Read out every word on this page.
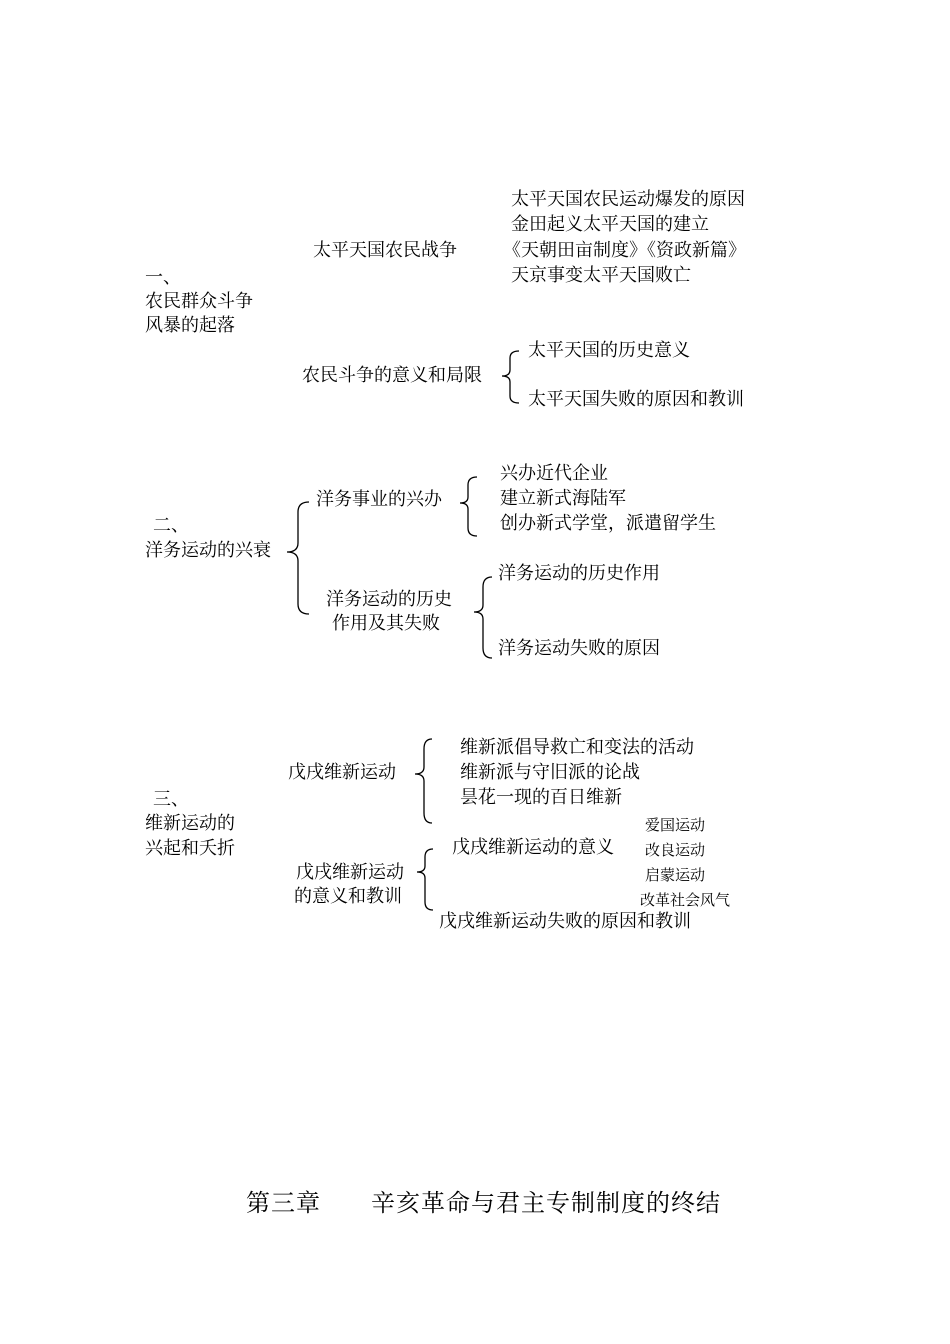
一、
农民群众斗争
风暴的起落
太平天国农民战争
太平天国农民运动爆发的原因
金田起义太平天国的建立
《天朝田亩制度》《资政新篇》
天京事变太平天国败亡
农民斗争的意义和局限
太平天国的历史意义
太平天国失败的原因和教训
二、
洋务运动的兴衰
洋务事业的兴办
兴办近代企业
建立新式海陆军
创办新式学堂，派遣留学生
洋务运动的历史
作用及其失败
洋务运动的历史作用
洋务运动失败的原因
三、
维新运动的
兴起和夭折
戊戌维新运动
维新派倡导救亡和变法的活动
维新派与守旧派的论战
昙花一现的百日维新
戊戌维新运动
的意义和教训
戊戌维新运动的意义
爱国运动
改良运动
启蒙运动
改革社会风气
戊戌维新运动失败的原因和教训
第三章　　辛亥革命与君主专制制度的终结
